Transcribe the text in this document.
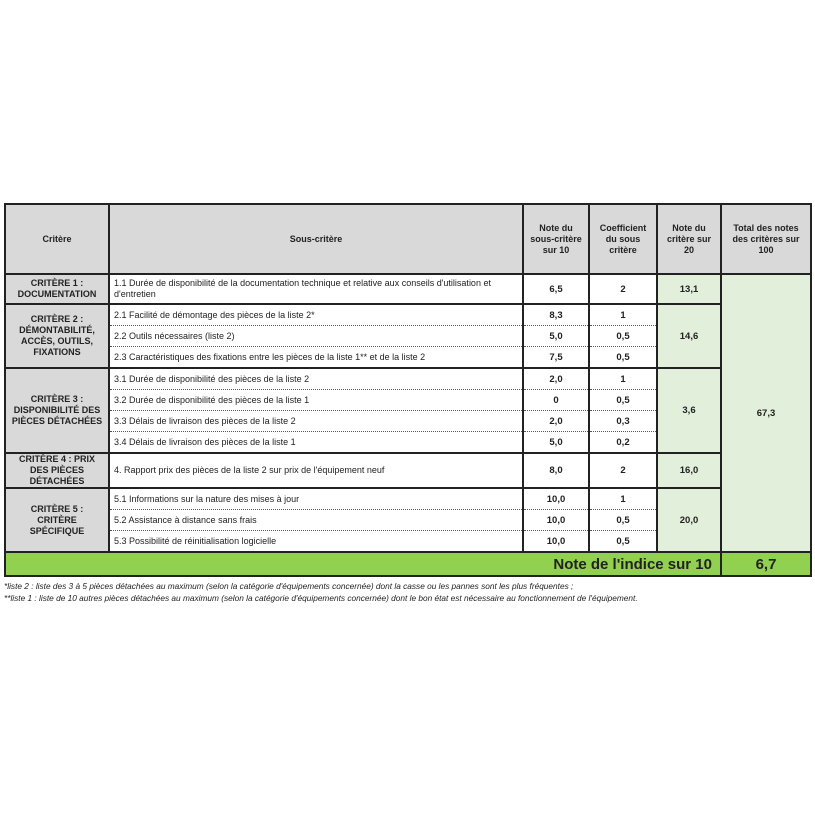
Critère	Sous-critère	Note du sous-critère sur 10	Coefficient du sous critère	Note du critère sur 20	Total des notes des critères sur 100
CRITÈRE 1 : DOCUMENTATION	1.1 Durée de disponibilité de la documentation technique et relative aux conseils d'utilisation et d'entretien	6,5	2	13,1	67,3
CRITÈRE 2 : DÉMONTABILITÉ, ACCÈS, OUTILS, FIXATIONS	2.1 Facilité de démontage des pièces de la liste 2*	8,3	1	14,6	
	2.2 Outils nécessaires (liste 2)	5,0	0,5		
	2.3 Caractéristiques des fixations entre les pièces de la liste 1** et de la liste 2	7,5	0,5		
CRITÈRE 3 : DISPONIBILITÉ DES PIÈCES DÉTACHÉES	3.1 Durée de disponibilité des pièces de la liste 2	2,0	1	3,6	
	3.2 Durée de disponibilité des pièces de la liste 1	0	0,5		
	3.3 Délais de livraison des pièces de la liste 2	2,0	0,3		
	3.4 Délais de livraison des pièces de la liste 1	5,0	0,2		
CRITÈRE 4 : PRIX DES PIÈCES DÉTACHÉES	4. Rapport prix des pièces de la liste 2 sur prix de l'équipement neuf	8,0	2	16,0	
CRITÈRE 5 : CRITÈRE SPÉCIFIQUE	5.1 Informations sur la nature des mises à jour	10,0	1	20,0	
	5.2 Assistance à distance sans frais	10,0	0,5		
	5.3 Possibilité de réinitialisation logicielle	10,0	0,5		
Note de l'indice sur 10					6,7
*liste 2 : liste des 3 à 5 pièces détachées au maximum (selon la catégorie d'équipements concernée) dont la casse ou les pannes sont les plus fréquentes ;
**liste 1 : liste de 10 autres pièces détachées au maximum (selon la catégorie d'équipements concernée) dont le bon état est nécessaire au fonctionnement de l'équipement.
